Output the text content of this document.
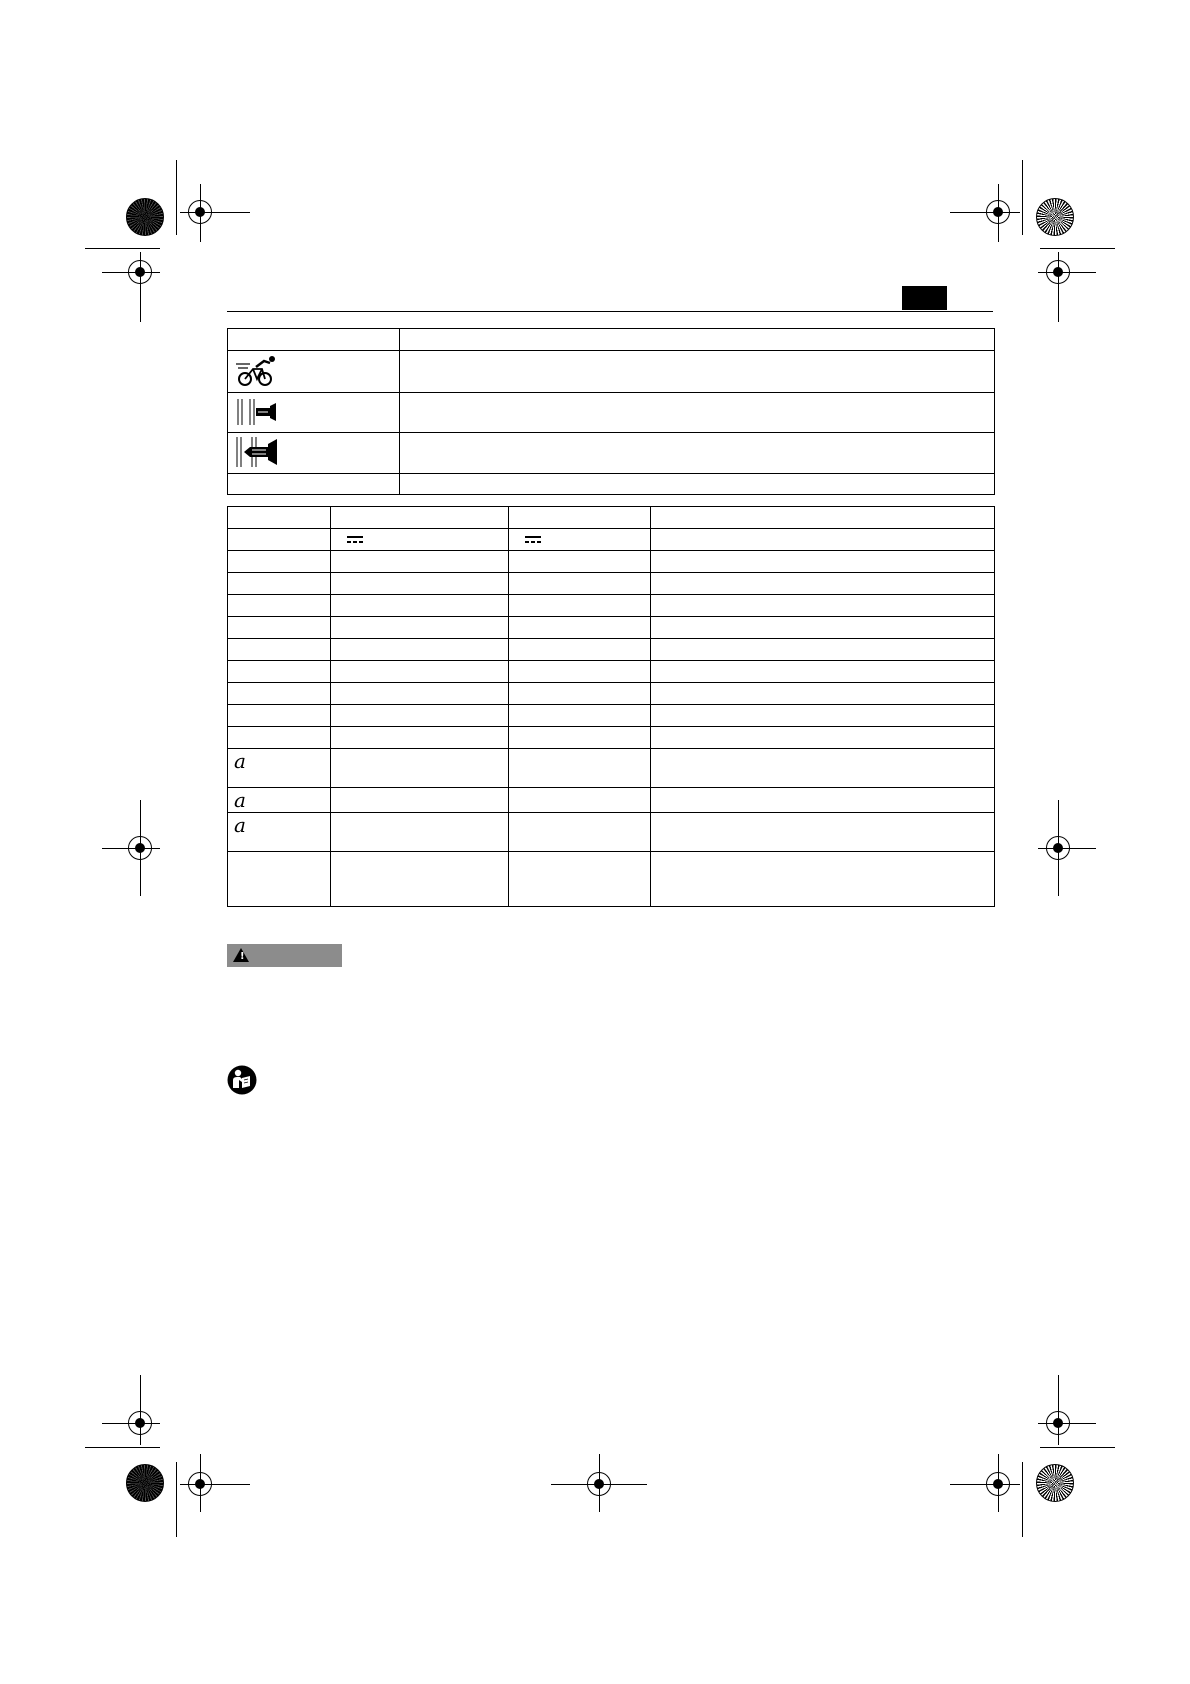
a			
a			
a			

!
